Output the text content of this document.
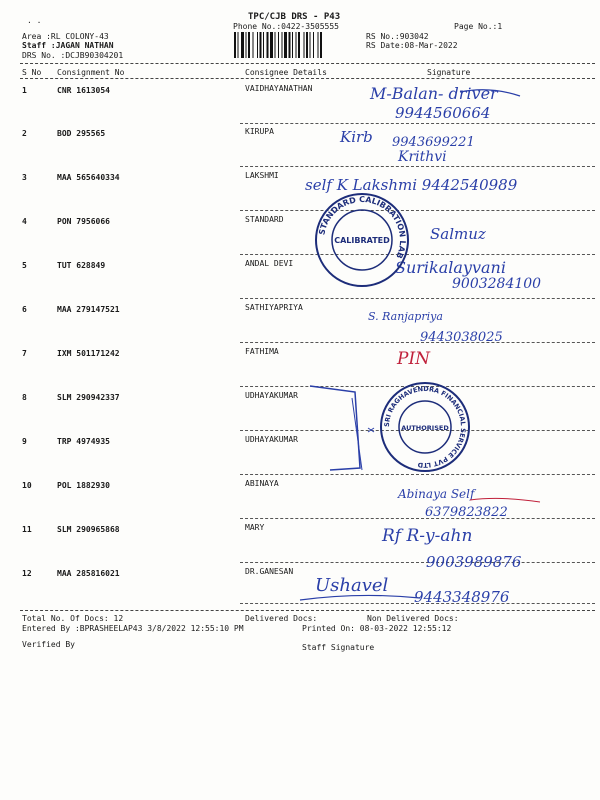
TPC/CJB DRS - P43
Phone No.:0422-3505555	Page No.:1
· ·
Area :RL COLONY-43
Staff :JAGAN NATHAN
DRS No. :DCJB90304201
RS No.:903042
RS Date:08-Mar-2022
S No Consignment No	Consignee Details	Signature
1	CNR 1613054	VAIDHAYANATHAN
2	BOD 295565	KIRUPA
3	MAA 565640334	LAKSHMI
4	PON 7956066	STANDARD
5	TUT 628849	ANDAL DEVI
6	MAA 279147521	SATHIYAPRIYA
7	IXM 501171242	FATHIMA
8	SLM 290942337	UDHAYAKUMAR
9	TRP 4974935	UDHAYAKUMAR
10	POL 1882930	ABINAYA
11	SLM 290965868	MARY
12	MAA 285816021	DR.GANESAN
M-Balan- driver
9944560664
Kirb 9943699221
Krithvi
self K Lakshmi 9442540989
Salmuz
Surikalayvani
9003284100
S. Ranjapriya
9443038025
PIN
Abinaya Self
6379823822
Rf R-y-ahn
9003989876
Ushavel
9443348976
STANDARD CALIBRATION LAB
CALIBRATED
SRI RAGHAVENDRA FINANCIAL SERVICE PVT LTD
AUTHORISED
Total No. Of Docs: 12	Delivered Docs:	Non Delivered Docs:
Entered By :BPRASHEELAP43 3/8/2022 12:55:10 PM	Printed On: 08-03-2022 12:55:12
Verified By	Staff Signature
